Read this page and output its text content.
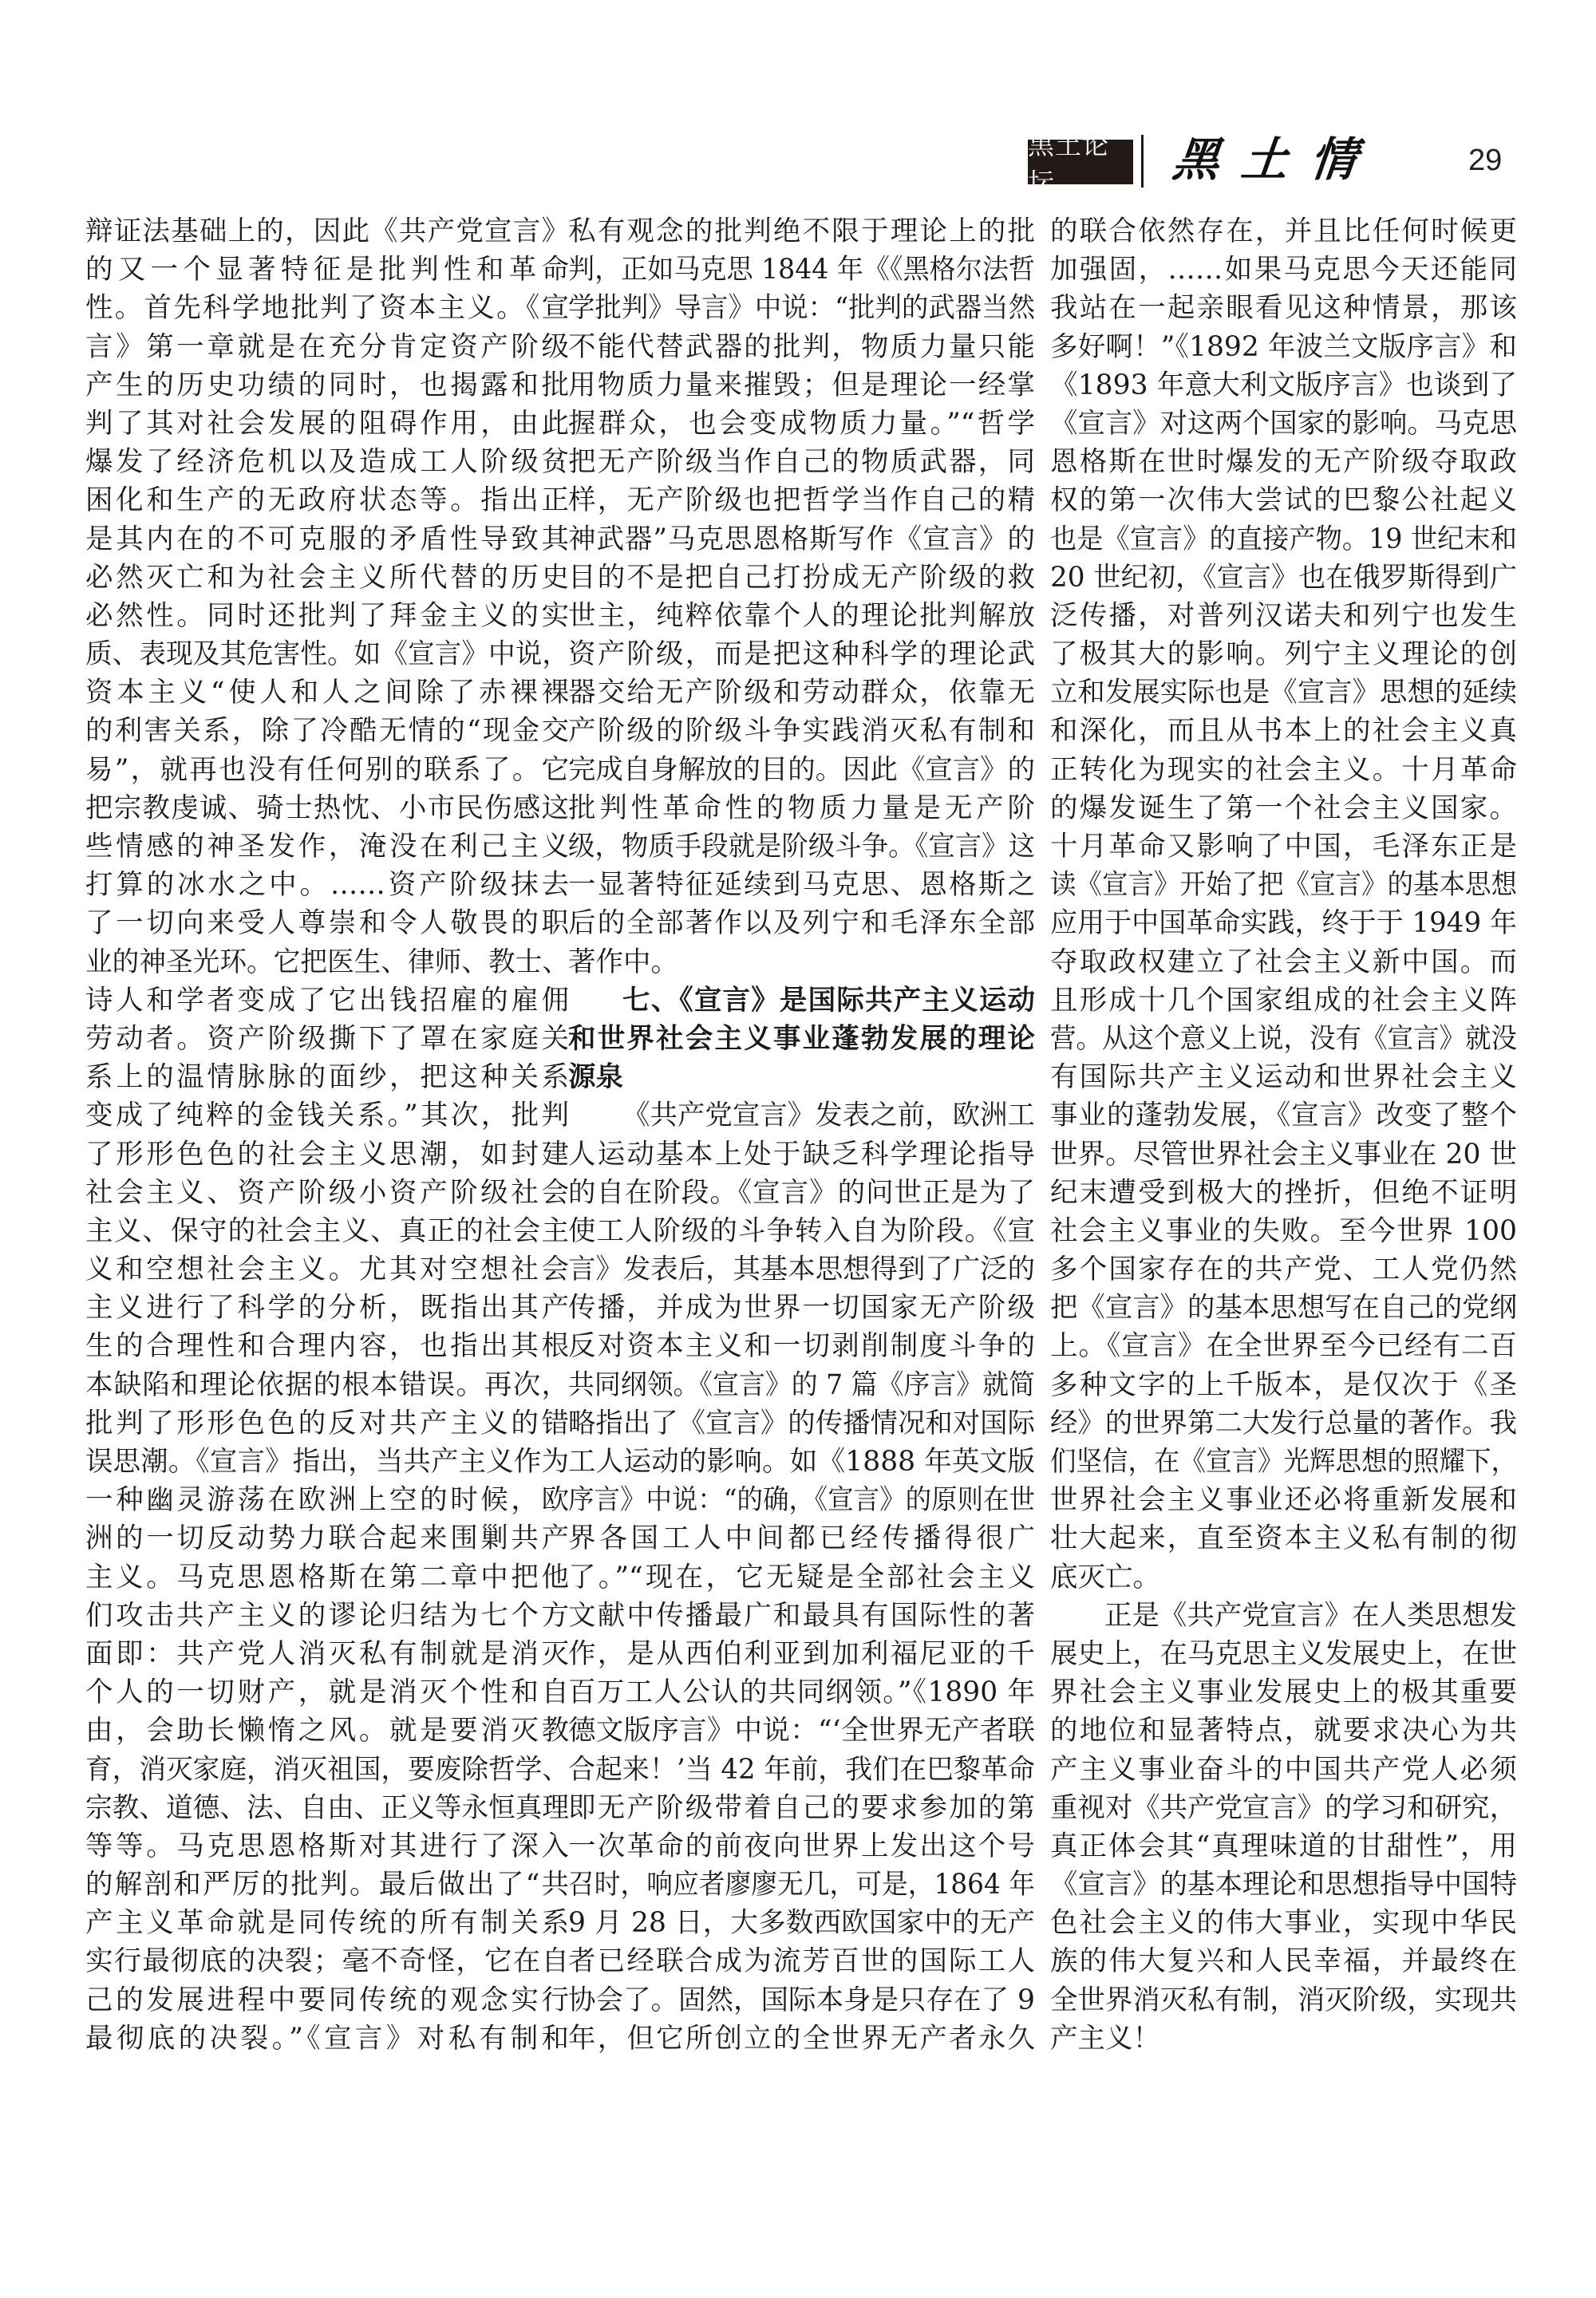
黑土论坛	黑土情	29
辩证法基础上的，因此《共产党宣言》
的又一个显著特征是批判性和革命
性。首先科学地批判了资本主义。《宣
言》第一章就是在充分肯定资产阶级
产生的历史功绩的同时，也揭露和批
判了其对社会发展的阻碍作用，由此
爆发了经济危机以及造成工人阶级贫
困化和生产的无政府状态等。指出正
是其内在的不可克服的矛盾性导致其
必然灭亡和为社会主义所代替的历史
必然性。同时还批判了拜金主义的实
质、表现及其危害性。如《宣言》中说，
资本主义“使人和人之间除了赤裸裸
的利害关系，除了冷酷无情的“现金交
易”，就再也没有任何别的联系了。它
把宗教虔诚、骑士热忱、小市民伤感这
些情感的神圣发作，淹没在利己主义
打算的冰水之中。……资产阶级抹去
了一切向来受人尊崇和令人敬畏的职
业的神圣光环。它把医生、律师、教士、
诗人和学者变成了它出钱招雇的雇佣
劳动者。资产阶级撕下了罩在家庭关
系上的温情脉脉的面纱，把这种关系
变成了纯粹的金钱关系。”其次，批判
了形形色色的社会主义思潮，如封建
社会主义、资产阶级小资产阶级社会
主义、保守的社会主义、真正的社会主
义和空想社会主义。尤其对空想社会
主义进行了科学的分析，既指出其产
生的合理性和合理内容，也指出其根
本缺陷和理论依据的根本错误。再次，
批判了形形色色的反对共产主义的错
误思潮。《宣言》指出，当共产主义作为
一种幽灵游荡在欧洲上空的时候，欧
洲的一切反动势力联合起来围剿共产
主义。马克思恩格斯在第二章中把他
们攻击共产主义的谬论归结为七个方
面即：共产党人消灭私有制就是消灭
个人的一切财产，就是消灭个性和自
由，会助长懒惰之风。就是要消灭教
育，消灭家庭，消灭祖国，要废除哲学、
宗教、道德、法、自由、正义等永恒真理
等等。马克思恩格斯对其进行了深入
的解剖和严厉的批判。最后做出了“共
产主义革命就是同传统的所有制关系
实行最彻底的决裂；毫不奇怪，它在自
己的发展进程中要同传统的观念实行
最彻底的决裂。”《宣言》对私有制和
私有观念的批判绝不限于理论上的批
判，正如马克思 1844 年《《黑格尔法哲
学批判》导言》中说：“批判的武器当然
不能代替武器的批判，物质力量只能
用物质力量来摧毁；但是理论一经掌
握群众，也会变成物质力量。”“哲学
把无产阶级当作自己的物质武器，同
样，无产阶级也把哲学当作自己的精
神武器”马克思恩格斯写作《宣言》的
目的不是把自己打扮成无产阶级的救
世主，纯粹依靠个人的理论批判解放
资产阶级，而是把这种科学的理论武
器交给无产阶级和劳动群众，依靠无
产阶级的阶级斗争实践消灭私有制和
完成自身解放的目的。因此《宣言》的
批判性革命性的物质力量是无产阶
级，物质手段就是阶级斗争。《宣言》这
一显著特征延续到马克思、恩格斯之
后的全部著作以及列宁和毛泽东全部
著作中。
七、《宣言》是国际共产主义运动
和世界社会主义事业蓬勃发展的理论
源泉
《共产党宣言》发表之前，欧洲工
人运动基本上处于缺乏科学理论指导
的自在阶段。《宣言》的问世正是为了
使工人阶级的斗争转入自为阶段。《宣
言》发表后，其基本思想得到了广泛的
传播，并成为世界一切国家无产阶级
反对资本主义和一切剥削制度斗争的
共同纲领。《宣言》的 7 篇《序言》就简
略指出了《宣言》的传播情况和对国际
工人运动的影响。如《1888 年英文版
序言》中说：“的确，《宣言》的原则在世
界各国工人中间都已经传播得很广
了。”“现在，它无疑是全部社会主义
文献中传播最广和最具有国际性的著
作，是从西伯利亚到加利福尼亚的千
百万工人公认的共同纲领。”《1890 年
德文版序言》中说：“‘全世界无产者联
合起来！’当 42 年前，我们在巴黎革命
即无产阶级带着自己的要求参加的第
一次革命的前夜向世界上发出这个号
召时，响应者廖廖无几，可是，1864 年
9 月 28 日，大多数西欧国家中的无产
者已经联合成为流芳百世的国际工人
协会了。固然，国际本身是只存在了 9
年，但它所创立的全世界无产者永久
的联合依然存在，并且比任何时候更
加强固，……如果马克思今天还能同
我站在一起亲眼看见这种情景，那该
多好啊！”《1892 年波兰文版序言》和
《1893 年意大利文版序言》也谈到了
《宣言》对这两个国家的影响。马克思
恩格斯在世时爆发的无产阶级夺取政
权的第一次伟大尝试的巴黎公社起义
也是《宣言》的直接产物。19 世纪末和
20 世纪初，《宣言》也在俄罗斯得到广
泛传播，对普列汉诺夫和列宁也发生
了极其大的影响。列宁主义理论的创
立和发展实际也是《宣言》思想的延续
和深化，而且从书本上的社会主义真
正转化为现实的社会主义。十月革命
的爆发诞生了第一个社会主义国家。
十月革命又影响了中国，毛泽东正是
读《宣言》开始了把《宣言》的基本思想
应用于中国革命实践，终于于 1949 年
夺取政权建立了社会主义新中国。而
且形成十几个国家组成的社会主义阵
营。从这个意义上说，没有《宣言》就没
有国际共产主义运动和世界社会主义
事业的蓬勃发展，《宣言》改变了整个
世界。尽管世界社会主义事业在 20 世
纪末遭受到极大的挫折，但绝不证明
社会主义事业的失败。至今世界 100
多个国家存在的共产党、工人党仍然
把《宣言》的基本思想写在自己的党纲
上。《宣言》在全世界至今已经有二百
多种文字的上千版本，是仅次于《圣
经》的世界第二大发行总量的著作。我
们坚信，在《宣言》光辉思想的照耀下，
世界社会主义事业还必将重新发展和
壮大起来，直至资本主义私有制的彻
底灭亡。
正是《共产党宣言》在人类思想发
展史上，在马克思主义发展史上，在世
界社会主义事业发展史上的极其重要
的地位和显著特点，就要求决心为共
产主义事业奋斗的中国共产党人必须
重视对《共产党宣言》的学习和研究，
真正体会其“真理味道的甘甜性”，用
《宣言》的基本理论和思想指导中国特
色社会主义的伟大事业，实现中华民
族的伟大复兴和人民幸福，并最终在
全世界消灭私有制，消灭阶级，实现共
产主义！
